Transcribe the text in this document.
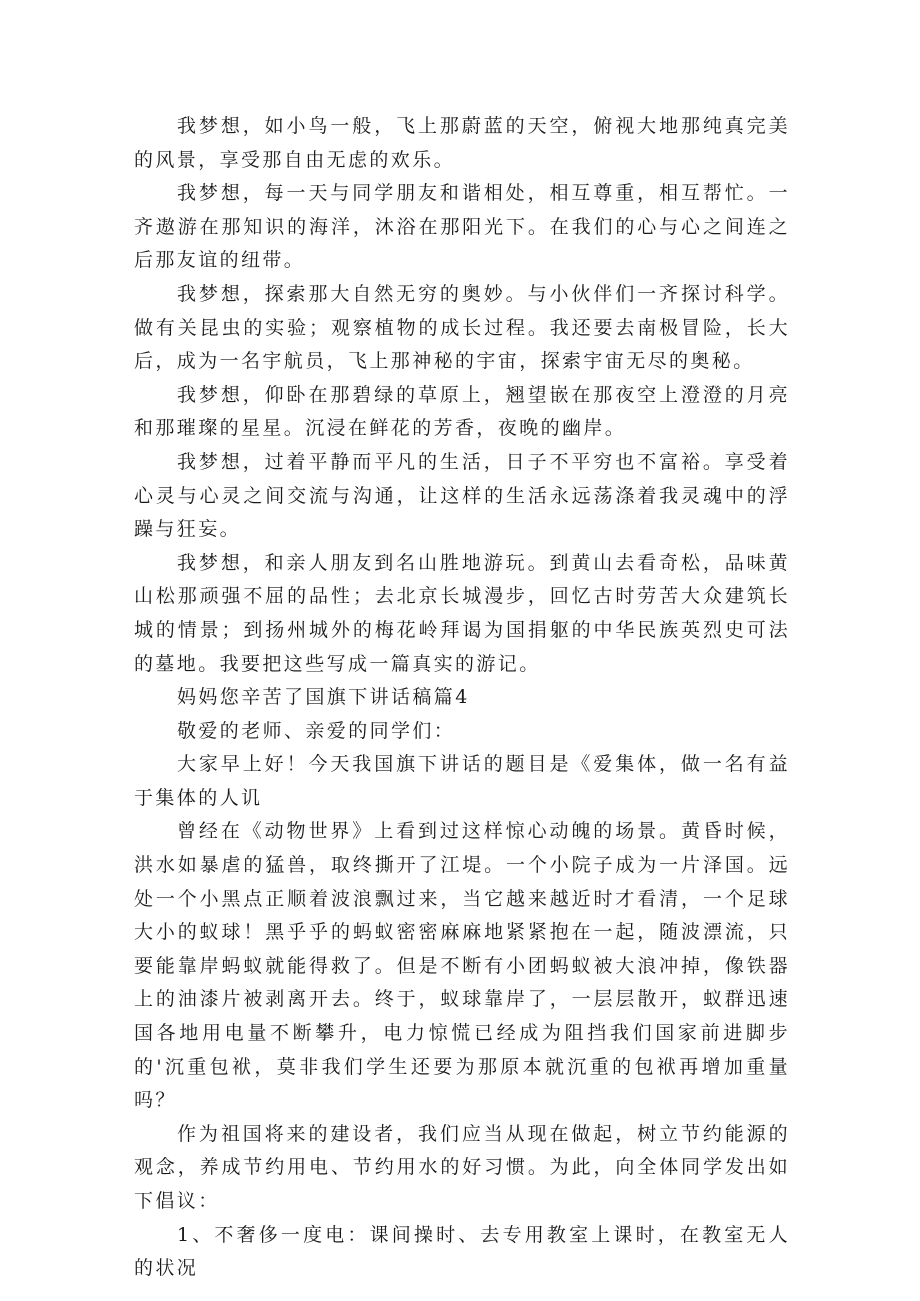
我梦想，如小鸟一般，飞上那蔚蓝的天空，俯视大地那纯真完美的风景，享受那自由无虑的欢乐。

我梦想，每一天与同学朋友和谐相处，相互尊重，相互帮忙。一齐遨游在那知识的海洋，沐浴在那阳光下。在我们的心与心之间连之后那友谊的纽带。

我梦想，探索那大自然无穷的奥妙。与小伙伴们一齐探讨科学。做有关昆虫的实验；观察植物的成长过程。我还要去南极冒险，长大后，成为一名宇航员，飞上那神秘的宇宙，探索宇宙无尽的奥秘。

我梦想，仰卧在那碧绿的草原上，翘望嵌在那夜空上澄澄的月亮和那璀璨的星星。沉浸在鲜花的芳香，夜晚的幽岸。

我梦想，过着平静而平凡的生活，日子不平穷也不富裕。享受着心灵与心灵之间交流与沟通，让这样的生活永远荡涤着我灵魂中的浮躁与狂妄。

我梦想，和亲人朋友到名山胜地游玩。到黄山去看奇松，品味黄山松那顽强不屈的品性；去北京长城漫步，回忆古时劳苦大众建筑长城的情景；到扬州城外的梅花岭拜谒为国捐躯的中华民族英烈史可法的墓地。我要把这些写成一篇真实的游记。

妈妈您辛苦了国旗下讲话稿篇4

敬爱的老师、亲爱的同学们：

大家早上好！今天我国旗下讲话的题目是《爱集体，做一名有益于集体的人讥

曾经在《动物世界》上看到过这样惊心动魄的场景。黄昏时候，洪水如暴虐的猛兽，取终撕开了江堤。一个小院子成为一片泽国。远处一个小黑点正顺着波浪飘过来，当它越来越近时才看清，一个足球大小的蚁球！黑乎乎的蚂蚁密密麻麻地紧紧抱在一起，随波漂流，只要能靠岸蚂蚁就能得救了。但是不断有小团蚂蚁被大浪冲掉，像铁器上的油漆片被剥离开去。终于，蚁球靠岸了，一层层散开，蚁群迅速国各地用电量不断攀升，电力惊慌已经成为阻挡我们国家前进脚步的'沉重包袱，莫非我们学生还要为那原本就沉重的包袱再增加重量吗？

作为祖国将来的建设者，我们应当从现在做起，树立节约能源的观念，养成节约用电、节约用水的好习惯。为此，向全体同学发出如下倡议：

1、不奢侈一度电：课间操时、去专用教室上课时，在教室无人的状况
